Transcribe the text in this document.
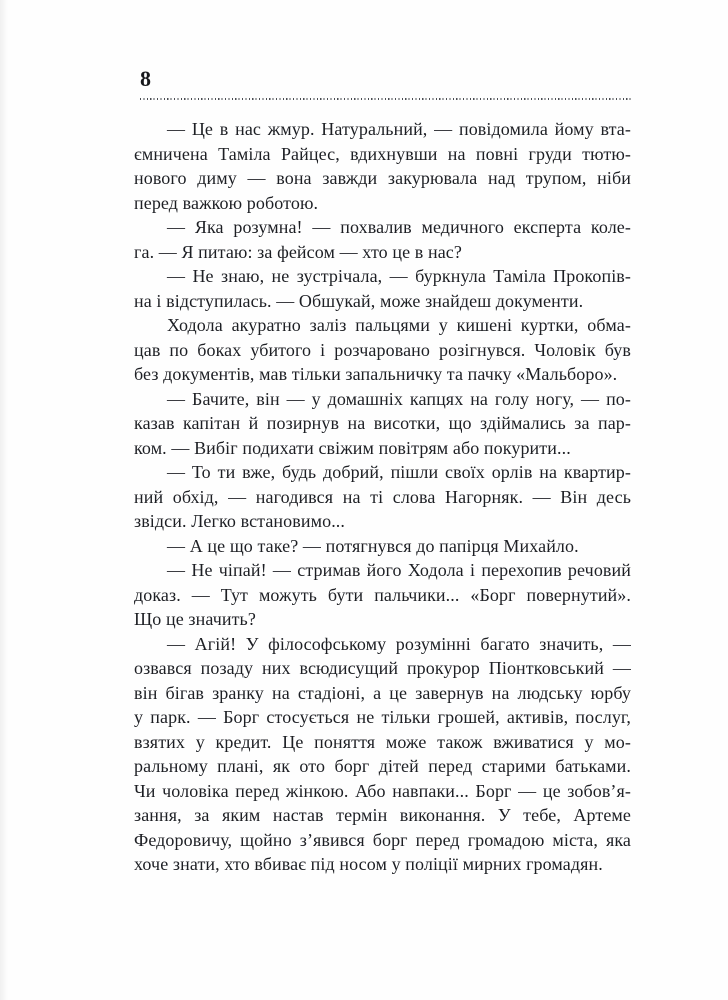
8
— Це в нас жмур. Натуральний, — повідомила йому вта-
ємничена Таміла Райцес, вдихнувши на повні груди тютю-
нового диму — вона завжди закурювала над трупом, ніби
перед важкою роботою.
— Яка розумна! — похвалив медичного експерта коле-
га. — Я питаю: за фейсом — хто це в нас?
— Не знаю, не зустрічала, — буркнула Таміла Прокопів-
на і відступилась. — Обшукай, може знайдеш документи.
Ходола акуратно заліз пальцями у кишені куртки, обма-
цав по боках убитого і розчаровано розігнувся. Чоловік був
без документів, мав тільки запальничку та пачку «Мальборо».
— Бачите, він — у домашніх капцях на голу ногу, — по-
казав капітан й позирнув на висотки, що здіймались за пар-
ком. — Вибіг подихати свіжим повітрям або покурити...
— То ти вже, будь добрий, пішли своїх орлів на квартир-
ний обхід, — нагодився на ті слова Нагорняк. — Він десь
звідси. Легко встановимо...
— А це що таке? — потягнувся до папірця Михайло.
— Не чіпай! — стримав його Ходола і перехопив речовий
доказ. — Тут можуть бути пальчики... «Борг повернутий».
Що це значить?
— Агій! У філософському розумінні багато значить, —
озвався позаду них всюдисущий прокурор Піонтковський —
він бігав зранку на стадіоні, а це завернув на людську юрбу
у парк. — Борг стосується не тільки грошей, активів, послуг,
взятих у кредит. Це поняття може також вживатися у мо-
ральному плані, як ото борг дітей перед старими батьками.
Чи чоловіка перед жінкою. Або навпаки... Борг — це зобов’я-
зання, за яким настав термін виконання. У тебе, Артеме
Федоровичу, щойно з’явився борг перед громадою міста, яка
хоче знати, хто вбиває під носом у поліції мирних громадян.
